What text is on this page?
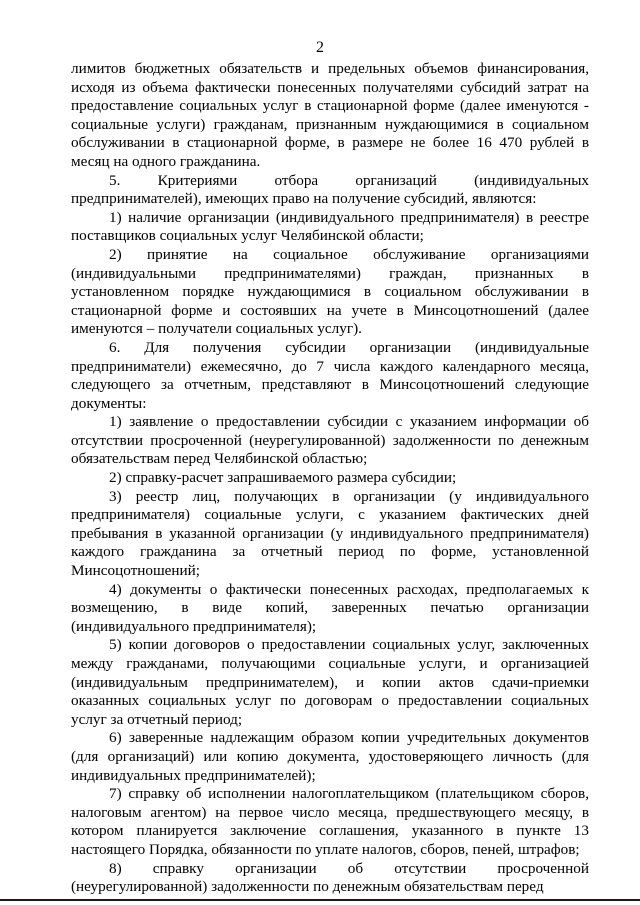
2

лимитов бюджетных обязательств и предельных объемов финансирования, исходя из объема фактически понесенных получателями субсидий затрат на предоставление социальных услуг в стационарной форме (далее именуются - социальные услуги) гражданам, признанным нуждающимися в социальном обслуживании в стационарной форме, в размере не более 16 470 рублей в месяц на одного гражданина.

5. Критериями отбора организаций (индивидуальных предпринимателей), имеющих право на получение субсидий, являются:

1) наличие организации (индивидуального предпринимателя) в реестре поставщиков социальных услуг Челябинской области;

2) принятие на социальное обслуживание организациями (индивидуальными предпринимателями) граждан, признанных в установленном порядке нуждающимися в социальном обслуживании в стационарной форме и состоявших на учете в Минсоцотношений (далее именуются – получатели социальных услуг).

6. Для получения субсидии организации (индивидуальные предприниматели) ежемесячно, до 7 числа каждого календарного месяца, следующего за отчетным, представляют в Минсоцотношений следующие документы:

1) заявление о предоставлении субсидии с указанием информации об отсутствии просроченной (неурегулированной) задолженности по денежным обязательствам перед Челябинской областью;

2) справку-расчет запрашиваемого размера субсидии;

3) реестр лиц, получающих в организации (у индивидуального предпринимателя) социальные услуги, с указанием фактических дней пребывания в указанной организации (у индивидуального предпринимателя) каждого гражданина за отчетный период по форме, установленной Минсоцотношений;

4) документы о фактически понесенных расходах, предполагаемых к возмещению, в виде копий, заверенных печатью организации (индивидуального предпринимателя);

5) копии договоров о предоставлении социальных услуг, заключенных между гражданами, получающими социальные услуги, и организацией (индивидуальным предпринимателем), и копии актов сдачи-приемки оказанных социальных услуг по договорам о предоставлении социальных услуг за отчетный период;

6) заверенные надлежащим образом копии учредительных документов (для организаций) или копию документа, удостоверяющего личность (для индивидуальных предпринимателей);

7) справку об исполнении налогоплательщиком (плательщиком сборов, налоговым агентом) на первое число месяца, предшествующего месяцу, в котором планируется заключение соглашения, указанного в пункте 13 настоящего Порядка, обязанности по уплате налогов, сборов, пеней, штрафов;

8) справку организации об отсутствии просроченной (неурегулированной) задолженности по денежным обязательствам перед
